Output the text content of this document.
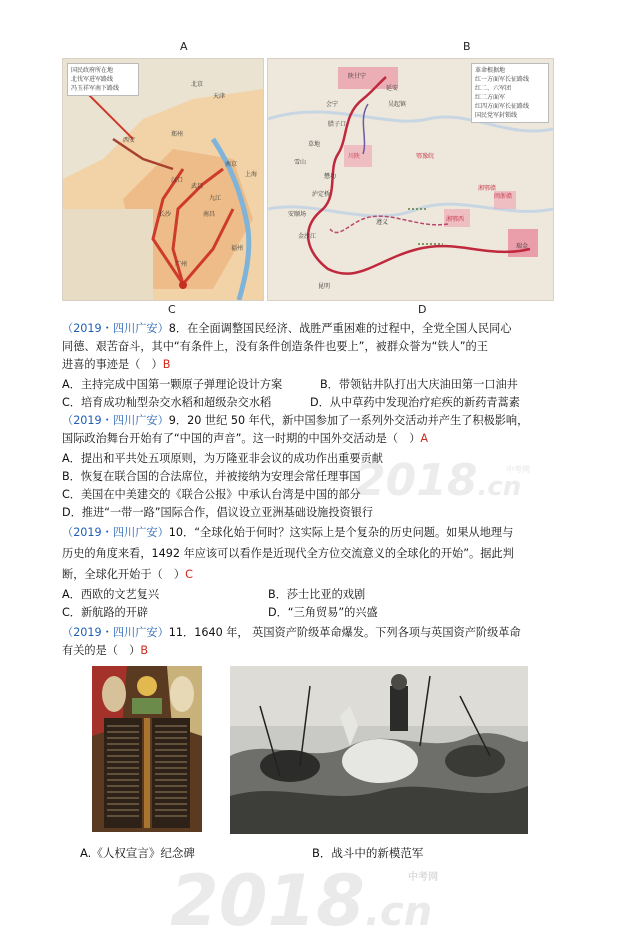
A	B
国民政府所在地
北伐军进军路线
冯玉祥军南下路线
北京
天津
西安
郑州
汉口
武昌
南京
上海
九江
长沙	南昌
福州
广州
革命根据地
红一方面军长征路线
红二、六军团
红二方面军
红四方面军长征路线
国民党军封锁线
陕甘宁
延安
会宁
腊子口
懋功
泸定桥
遵义
瑞金
湘鄂赣
湘鄂西
川陕	鄂豫皖
闽浙赣
吴起镇
草地
雪山
安顺场
金沙江
昆明
C	D
（2019・四川广安）8．在全面调整国民经济、战胜严重困难的过程中，全党全国人民同心
同德、艰苦奋斗，其中“有条件上，没有条件创造条件也要上”，被群众誉为“铁人”的王
进喜的事迹是（　）B
A．主持完成中国第一颗原子弹理论设计方案	B．带领钻井队打出大庆油田第一口油井
C．培育成功籼型杂交水稻和超级杂交水稻	D．从中草药中发现治疗疟疾的新药青蒿素
（2019・四川广安）9．20 世纪 50 年代，新中国参加了一系列外交活动并产生了积极影响，
国际政治舞台开始有了“中国的声音”。这一时期的中国外交活动是（　）A
A．提出和平共处五项原则，为万隆亚非会议的成功作出重要贡献
B．恢复在联合国的合法席位，并被接纳为安理会常任理事国
C．美国在中美建交的《联合公报》中承认台湾是中国的部分
D．推进“一带一路”国际合作，倡议设立亚洲基础设施投资银行
（2019・四川广安）10．“全球化始于何时？这实际上是个复杂的历史问题。如果从地理与
历史的角度来看，1492 年应该可以看作是近现代全方位交流意义的全球化的开始”。据此判
断，全球化开始于（　）C
A．西欧的文艺复兴	B．莎士比亚的戏剧
C．新航路的开辟	D．“三角贸易”的兴盛
（2019・四川广安）11．1640 年， 英国资产阶级革命爆发。下列各项与英国资产阶级革命
有关的是（　）B
A.《人权宣言》纪念碑	B．战斗中的新模范军
2018.cn
中考网
2018.cn
中考网
